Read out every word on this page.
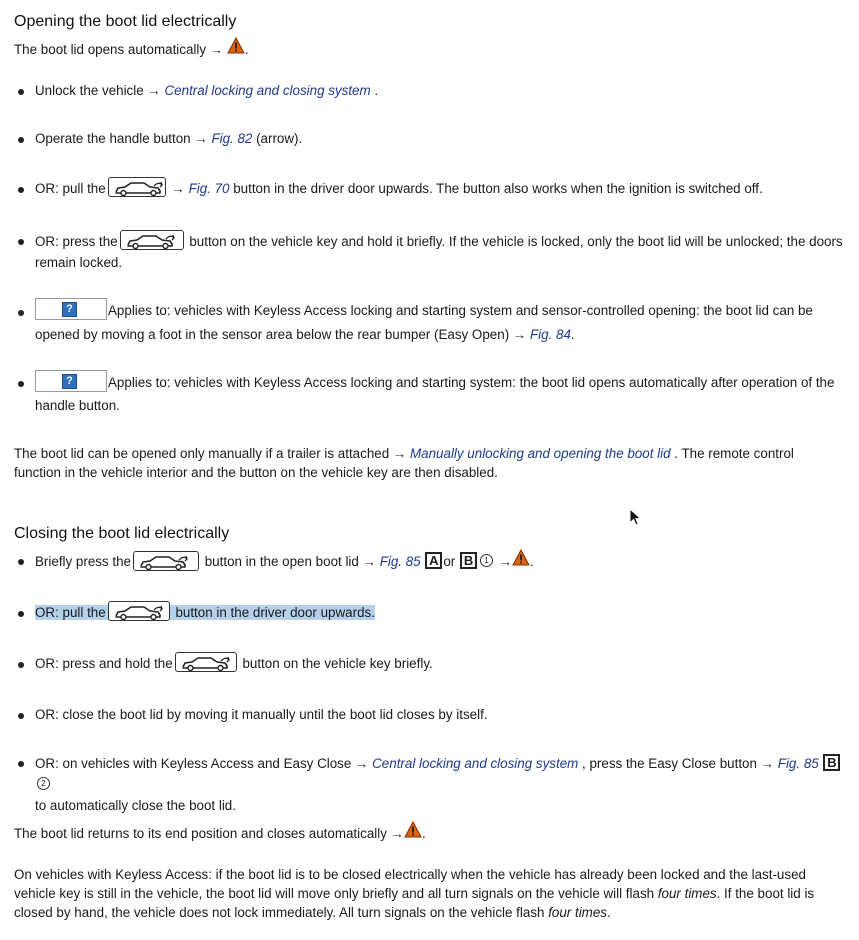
Opening the boot lid electrically
The boot lid opens automatically → .
Unlock the vehicle → Central locking and closing system .
Operate the handle button → Fig. 82 (arrow).
OR: pull the	→ Fig. 70 button in the driver door upwards. The button also works when the ignition is switched off.
OR: press the	button on the vehicle key and hold it briefly. If the vehicle is locked, only the boot lid will be unlocked; the doors remain locked.
?	Applies to: vehicles with Keyless Access locking and starting system and sensor-controlled opening: the boot lid can be opened by moving a foot in the sensor area below the rear bumper (Easy Open) → Fig. 84.
?	Applies to: vehicles with Keyless Access locking and starting system: the boot lid opens automatically after operation of the handle button.
The boot lid can be opened only manually if a trailer is attached → Manually unlocking and opening the boot lid . The remote control function in the vehicle interior and the button on the vehicle key are then disabled.
Closing the boot lid electrically
Briefly press the	button in the open boot lid → Fig. 85 A or B 1 → .
OR: pull the	button in the driver door upwards.
OR: press and hold the	button on the vehicle key briefly.
OR: close the boot lid by moving it manually until the boot lid closes by itself.
OR: on vehicles with Keyless Access and Easy Close → Central locking and closing system , press the Easy Close button → Fig. 85 B2
to automatically close the boot lid.
The boot lid returns to its end position and closes automatically → .
On vehicles with Keyless Access: if the boot lid is to be closed electrically when the vehicle has already been locked and the last-used vehicle key is still in the vehicle, the boot lid will move only briefly and all turn signals on the vehicle will flash four times. If the boot lid is closed by hand, the vehicle does not lock immediately. All turn signals on the vehicle flash four times.
